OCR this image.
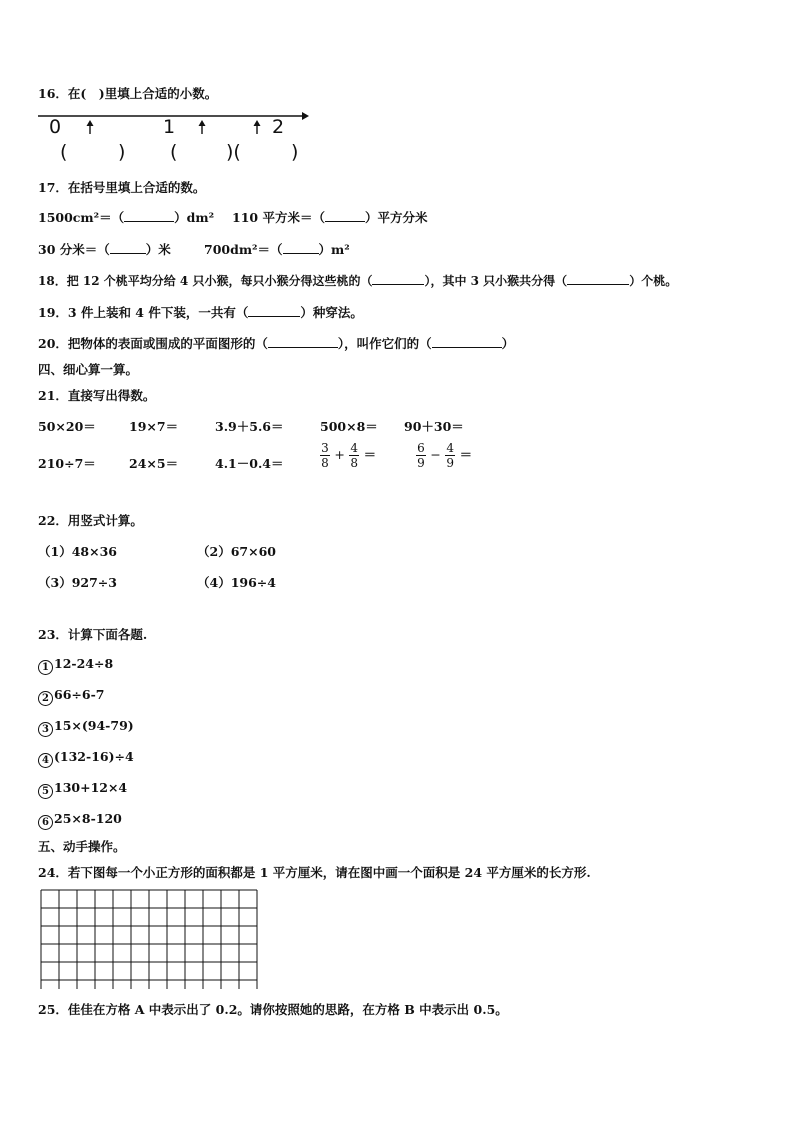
16．在(　)里填上合适的小数。
0	1	2
(	) (	)(	)
17．在括号里填上合适的数。
1500cm²＝（	）dm² 110 平方米＝（	）平方分米
30 分米＝（	）米	700dm²＝（	）m²
18．把 12 个桃平均分给 4 只小猴，每只小猴分得这些桃的（	），其中 3 只小猴共分得（	）个桃。
19．3 件上装和 4 件下装，一共有（	）种穿法。
20．把物体的表面或围成的平面图形的（	），叫作它们的（	）
四、细心算一算。
21．直接写出得数。
50×20＝	19×7＝	3.9＋5.6＝	500×8＝ 90＋30＝
210÷7＝	24×5＝	4.1－0.4＝	$\frac{3}{8} + \frac{4}{8}$ ＝	$\frac{6}{9} - \frac{4}{9}$ ＝
22．用竖式计算。
（1）48×36	（2）67×60
（3）927÷3	（4）196÷4
23．计算下面各题.
1 12-24÷8
2 66÷6-7
3 15×(94-79)
4 (132-16)÷4
5 130+12×4
6 25×8-120
五、动手操作。
24．若下图每一个小正方形的面积都是 1 平方厘米，请在图中画一个面积是 24 平方厘米的长方形.
25．佳佳在方格 A 中表示出了 0.2。请你按照她的思路，在方格 B 中表示出 0.5。
